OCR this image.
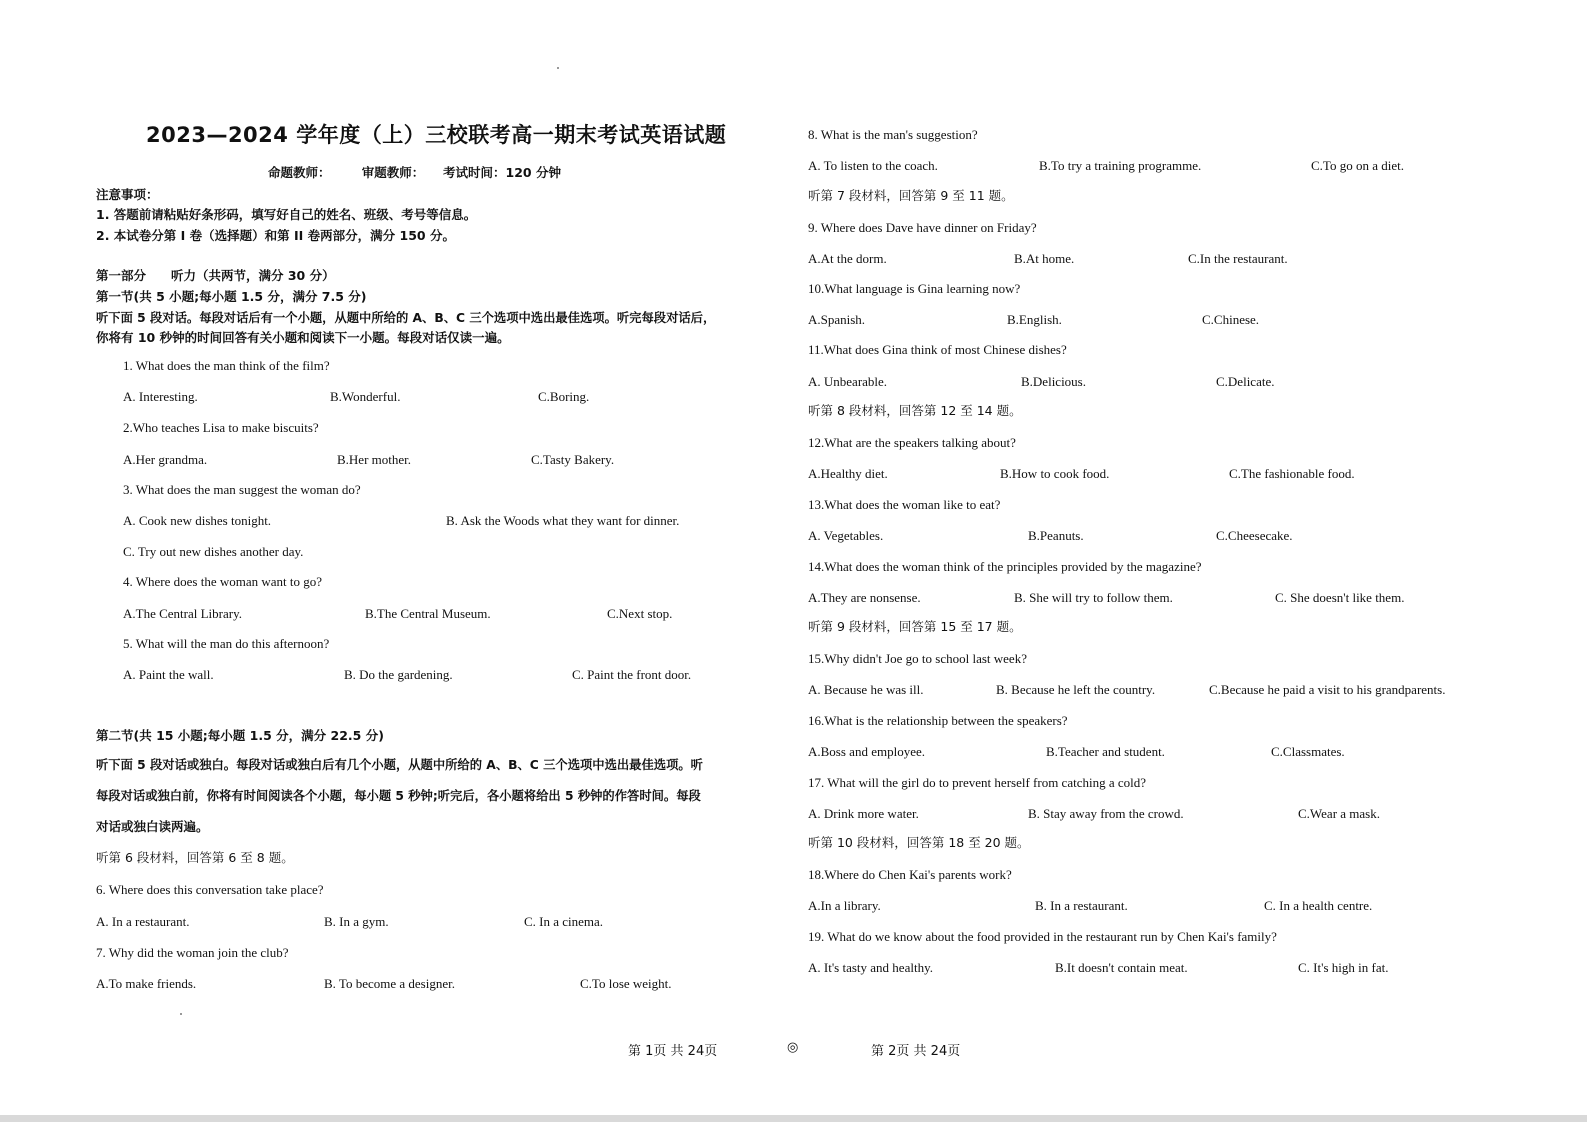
2023—2024 学年度（上）三校联考高一期末考试英语试题
命题教师：　　　审题教师：　　考试时间：120 分钟
注意事项：
1. 答题前请粘贴好条形码，填写好自己的姓名、班级、考号等信息。
2. 本试卷分第 I 卷（选择题）和第 II 卷两部分，满分 150 分。
第一部分　　听力（共两节，满分 30 分）
第一节(共 5 小题;每小题 1.5 分，满分 7.5 分)
听下面 5 段对话。每段对话后有一个小题，从题中所给的 A、B、C 三个选项中选出最佳选项。听完每段对话后，
你将有 10 秒钟的时间回答有关小题和阅读下一小题。每段对话仅读一遍。
1. What does the man think of the film?
A. Interesting.	B.Wonderful.	C.Boring.
2.Who teaches Lisa to make biscuits?
A.Her grandma.	B.Her mother.	C.Tasty Bakery.
3. What does the man suggest the woman do?
A. Cook new dishes tonight.	B. Ask the Woods what they want for dinner.
C. Try out new dishes another day.
4. Where does the woman want to go?
A.The Central Library.	B.The Central Museum.	C.Next stop.
5. What will the man do this afternoon?
A. Paint the wall.	B. Do the gardening.	C. Paint the front door.
第二节(共 15 小题;每小题 1.5 分，满分 22.5 分)
听下面 5 段对话或独白。每段对话或独白后有几个小题，从题中所给的 A、B、C 三个选项中选出最佳选项。听
每段对话或独白前，你将有时间阅读各个小题，每小题 5 秒钟;听完后，各小题将给出 5 秒钟的作答时间。每段
对话或独白读两遍。
听第 6 段材料，回答第 6 至 8 题。
6. Where does this conversation take place?
A. In a restaurant.	B. In a gym.	C. In a cinema.
7. Why did the woman join the club?
A.To make friends.	B. To become a designer.	C.To lose weight.
8. What is the man's suggestion?
A. To listen to the coach.	B.To try a training programme.	C.To go on a diet.
听第 7 段材料，回答第 9 至 11 题。
9. Where does Dave have dinner on Friday?
A.At the dorm.	B.At home.	C.In the restaurant.
10.What language is Gina learning now?
A.Spanish.	B.English.	C.Chinese.
11.What does Gina think of most Chinese dishes?
A. Unbearable.	B.Delicious.	C.Delicate.
听第 8 段材料，回答第 12 至 14 题。
12.What are the speakers talking about?
A.Healthy diet.	B.How to cook food.	C.The fashionable food.
13.What does the woman like to eat?
A. Vegetables.	B.Peanuts.	C.Cheesecake.
14.What does the woman think of the principles provided by the magazine?
A.They are nonsense.	B. She will try to follow them.	C. She doesn't like them.
听第 9 段材料，回答第 15 至 17 题。
15.Why didn't Joe go to school last week?
A. Because he was ill.	B. Because he left the country.	C.Because he paid a visit to his grandparents.
16.What is the relationship between the speakers?
A.Boss and employee.	B.Teacher and student.	C.Classmates.
17. What will the girl do to prevent herself from catching a cold?
A. Drink more water.	B. Stay away from the crowd.	C.Wear a mask.
听第 10 段材料，回答第 18 至 20 题。
18.Where do Chen Kai's parents work?
A.In a library.	B. In a restaurant.	C. In a health centre.
19. What do we know about the food provided in the restaurant run by Chen Kai's family?
A. It's tasty and healthy.	B.It doesn't contain meat.	C. It's high in fat.
第 1页 共 24页	◎	第 2页 共 24页
